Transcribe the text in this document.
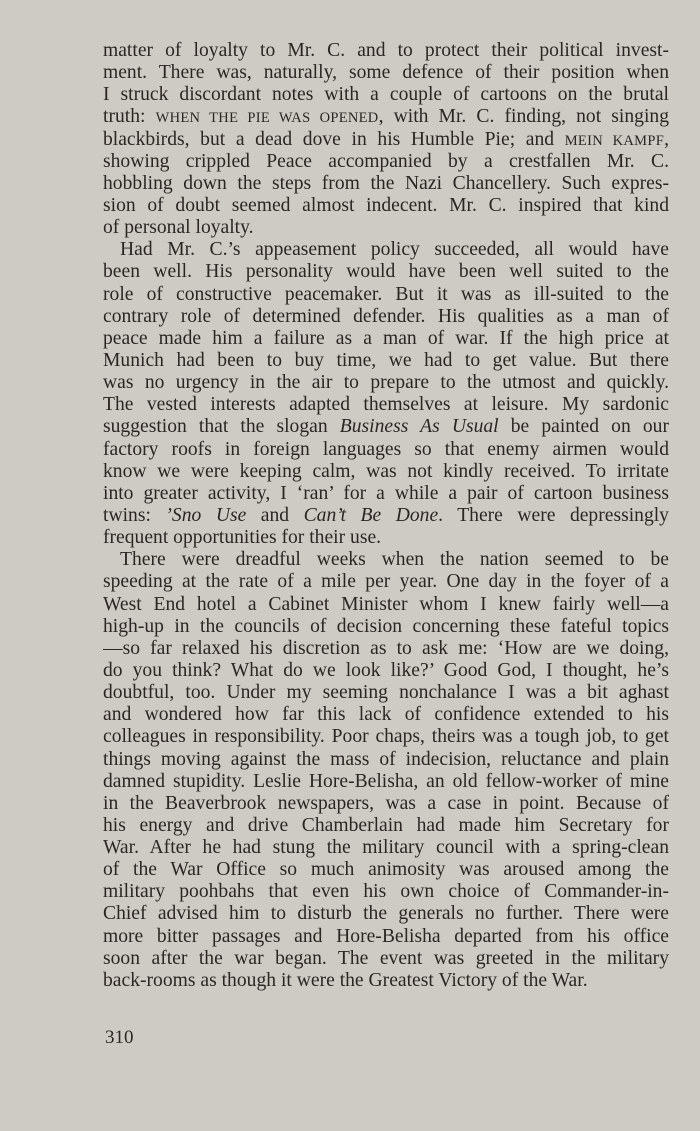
matter of loyalty to Mr. C. and to protect their political invest-
ment. There was, naturally, some defence of their position when
I struck discordant notes with a couple of cartoons on the brutal
truth: WHEN THE PIE WAS OPENED, with Mr. C. finding, not singing
blackbirds, but a dead dove in his Humble Pie; and MEIN KAMPF,
showing crippled Peace accompanied by a crestfallen Mr. C.
hobbling down the steps from the Nazi Chancellery. Such expres-
sion of doubt seemed almost indecent. Mr. C. inspired that kind
of personal loyalty.
Had Mr. C.’s appeasement policy succeeded, all would have
been well. His personality would have been well suited to the
role of constructive peacemaker. But it was as ill-suited to the
contrary role of determined defender. His qualities as a man of
peace made him a failure as a man of war. If the high price at
Munich had been to buy time, we had to get value. But there
was no urgency in the air to prepare to the utmost and quickly.
The vested interests adapted themselves at leisure. My sardonic
suggestion that the slogan Business As Usual be painted on our
factory roofs in foreign languages so that enemy airmen would
know we were keeping calm, was not kindly received. To irritate
into greater activity, I ‘ran’ for a while a pair of cartoon business
twins: ’Sno Use and Can’t Be Done. There were depressingly
frequent opportunities for their use.
There were dreadful weeks when the nation seemed to be
speeding at the rate of a mile per year. One day in the foyer of a
West End hotel a Cabinet Minister whom I knew fairly well—a
high-up in the councils of decision concerning these fateful topics
—so far relaxed his discretion as to ask me: ‘How are we doing,
do you think? What do we look like?’ Good God, I thought, he’s
doubtful, too. Under my seeming nonchalance I was a bit aghast
and wondered how far this lack of confidence extended to his
colleagues in responsibility. Poor chaps, theirs was a tough job, to get
things moving against the mass of indecision, reluctance and plain
damned stupidity. Leslie Hore-Belisha, an old fellow-worker of mine
in the Beaverbrook newspapers, was a case in point. Because of
his energy and drive Chamberlain had made him Secretary for
War. After he had stung the military council with a spring-clean
of the War Office so much animosity was aroused among the
military poohbahs that even his own choice of Commander-in-
Chief advised him to disturb the generals no further. There were
more bitter passages and Hore-Belisha departed from his office
soon after the war began. The event was greeted in the military
back-rooms as though it were the Greatest Victory of the War.
310
